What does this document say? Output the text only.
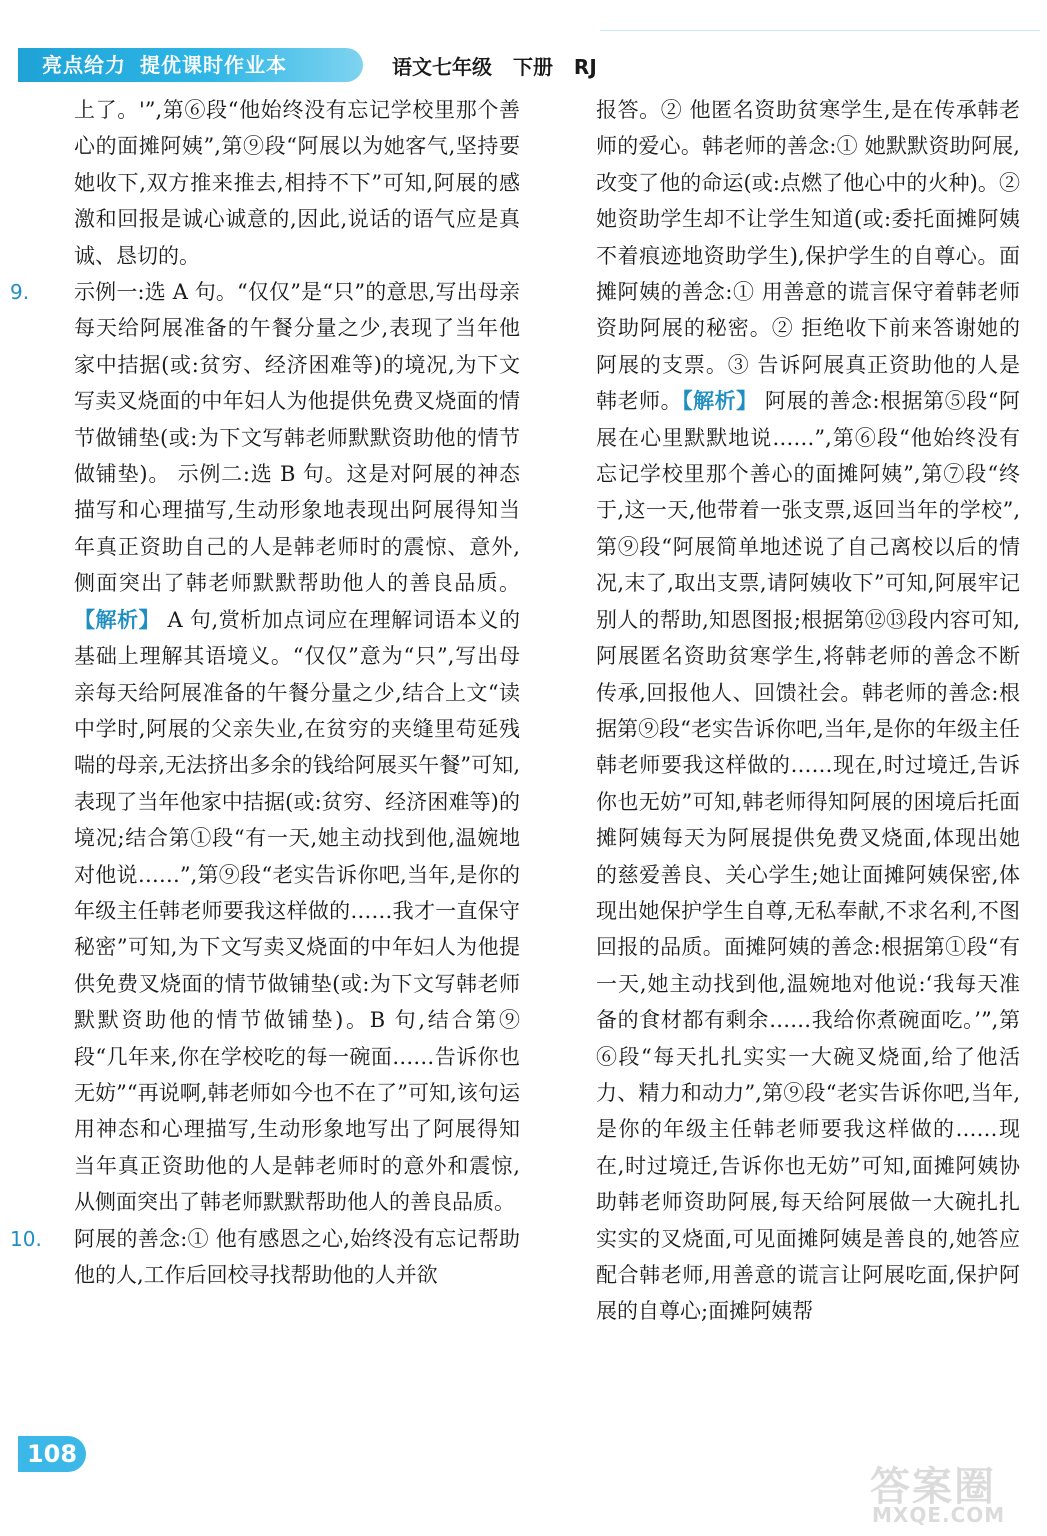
亮点给力 提优课时作业本	语文七年级 下册 RJ

上了。'”,第⑥段“他始终没有忘记学校里那个善心的面摊阿姨”,第⑨段“阿展以为她客气,坚持要她收下,双方推来推去,相持不下”可知,阿展的感激和回报是诚心诚意的,因此,说话的语气应是真诚、恳切的。

9. 示例一:选 A 句。“仅仅”是“只”的意思,写出母亲每天给阿展准备的午餐分量之少,表现了当年他家中拮据(或:贫穷、经济困难等)的境况,为下文写卖叉烧面的中年妇人为他提供免费叉烧面的情节做铺垫(或:为下文写韩老师默默资助他的情节做铺垫)。 示例二:选 B 句。这是对阿展的神态描写和心理描写,生动形象地表现出阿展得知当年真正资助自己的人是韩老师时的震惊、意外,侧面突出了韩老师默默帮助他人的善良品质。【解析】 A 句,赏析加点词应在理解词语本义的基础上理解其语境义。“仅仅”意为“只”,写出母亲每天给阿展准备的午餐分量之少,结合上文“读中学时,阿展的父亲失业,在贫穷的夹缝里苟延残喘的母亲,无法挤出多余的钱给阿展买午餐”可知,表现了当年他家中拮据(或:贫穷、经济困难等)的境况;结合第①段“有一天,她主动找到他,温婉地对他说……”,第⑨段“老实告诉你吧,当年,是你的年级主任韩老师要我这样做的……我才一直保守秘密”可知,为下文写卖叉烧面的中年妇人为他提供免费叉烧面的情节做铺垫(或:为下文写韩老师默默资助他的情节做铺垫)。B 句,结合第⑨段“几年来,你在学校吃的每一碗面……告诉你也无妨”“再说啊,韩老师如今也不在了”可知,该句运用神态和心理描写,生动形象地写出了阿展得知当年真正资助他的人是韩老师时的意外和震惊,从侧面突出了韩老师默默帮助他人的善良品质。
10. 阿展的善念:① 他有感恩之心,始终没有忘记帮助他的人,工作后回校寻找帮助他的人并欲

报答。② 他匿名资助贫寒学生,是在传承韩老师的爱心。韩老师的善念:① 她默默资助阿展,改变了他的命运(或:点燃了他心中的火种)。② 她资助学生却不让学生知道(或:委托面摊阿姨不着痕迹地资助学生),保护学生的自尊心。面摊阿姨的善念:① 用善意的谎言保守着韩老师资助阿展的秘密。② 拒绝收下前来答谢她的阿展的支票。③ 告诉阿展真正资助他的人是韩老师。【解析】 阿展的善念:根据第⑤段“阿展在心里默默地说……”,第⑥段“他始终没有忘记学校里那个善心的面摊阿姨”,第⑦段“终于,这一天,他带着一张支票,返回当年的学校”,第⑨段“阿展简单地述说了自己离校以后的情况,末了,取出支票,请阿姨收下”可知,阿展牢记别人的帮助,知恩图报;根据第⑫⑬段内容可知,阿展匿名资助贫寒学生,将韩老师的善念不断传承,回报他人、回馈社会。韩老师的善念:根据第⑨段“老实告诉你吧,当年,是你的年级主任韩老师要我这样做的……现在,时过境迁,告诉你也无妨”可知,韩老师得知阿展的困境后托面摊阿姨每天为阿展提供免费叉烧面,体现出她的慈爱善良、关心学生;她让面摊阿姨保密,体现出她保护学生自尊,无私奉献,不求名利,不图回报的品质。面摊阿姨的善念:根据第①段“有一天,她主动找到他,温婉地对他说:‘我每天准备的食材都有剩余……我给你煮碗面吃。’”,第⑥段“每天扎扎实实一大碗叉烧面,给了他活力、精力和动力”,第⑨段“老实告诉你吧,当年,是你的年级主任韩老师要我这样做的……现在,时过境迁,告诉你也无妨”可知,面摊阿姨协助韩老师资助阿展,每天给阿展做一大碗扎扎实实的叉烧面,可见面摊阿姨是善良的,她答应配合韩老师,用善意的谎言让阿展吃面,保护阿展的自尊心;面摊阿姨帮

108
答案圈
MXQE.COM
